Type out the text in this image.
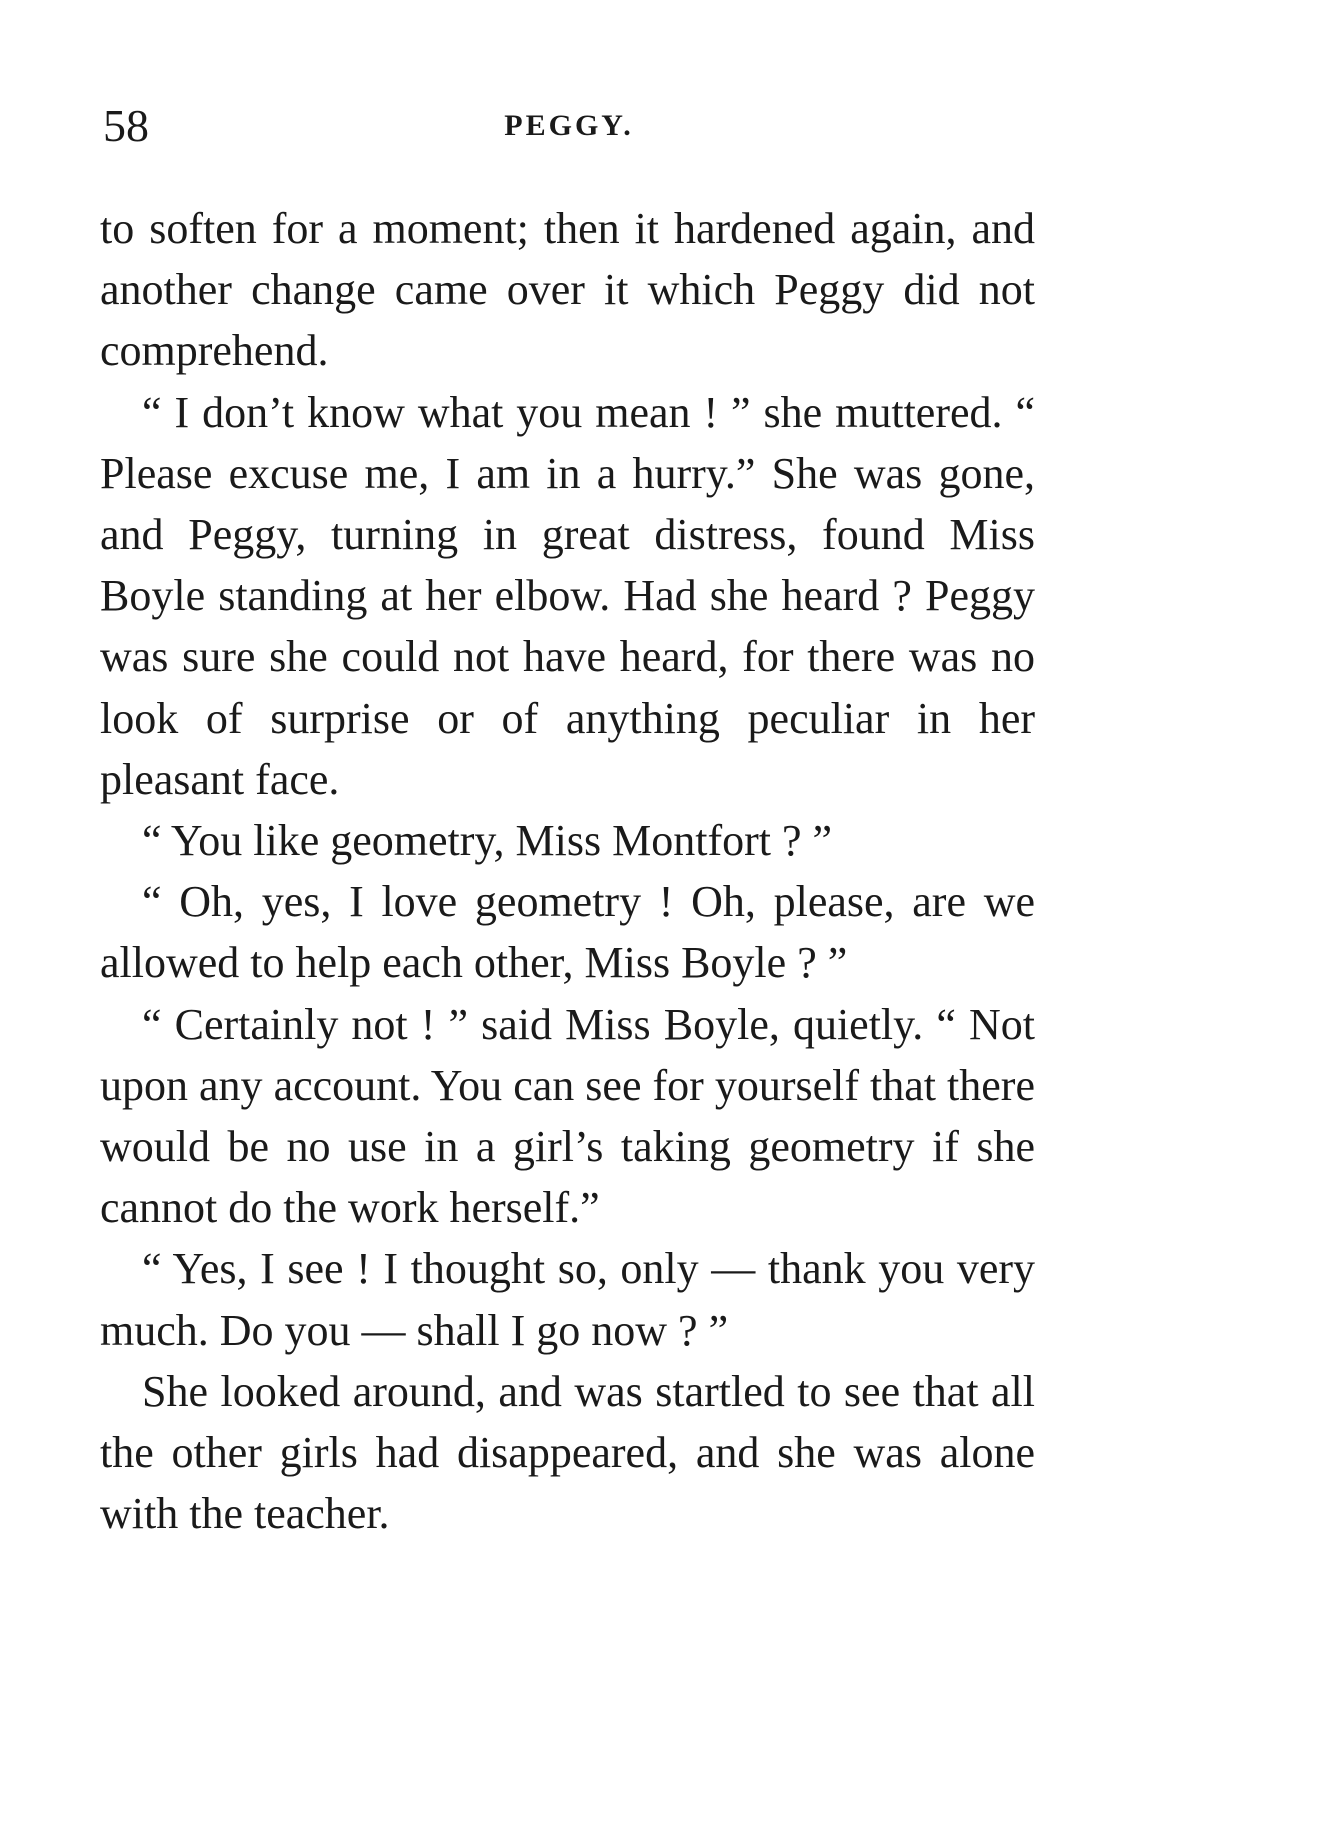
58	PEGGY.

to soften for a moment; then it hardened again, and another change came over it which Peggy did not comprehend.

“ I don’t know what you mean ! ” she muttered. “ Please excuse me, I am in a hurry.” She was gone, and Peggy, turning in great distress, found Miss Boyle standing at her elbow. Had she heard ? Peggy was sure she could not have heard, for there was no look of surprise or of anything peculiar in her pleasant face.

“ You like geometry, Miss Montfort ? ”

“ Oh, yes, I love geometry ! Oh, please, are we allowed to help each other, Miss Boyle ? ”

“ Certainly not ! ” said Miss Boyle, quietly. “ Not upon any account. You can see for yourself that there would be no use in a girl’s taking geometry if she cannot do the work herself.”

“ Yes, I see ! I thought so, only — thank you very much. Do you — shall I go now ? ”

She looked around, and was startled to see that all the other girls had disappeared, and she was alone with the teacher.
